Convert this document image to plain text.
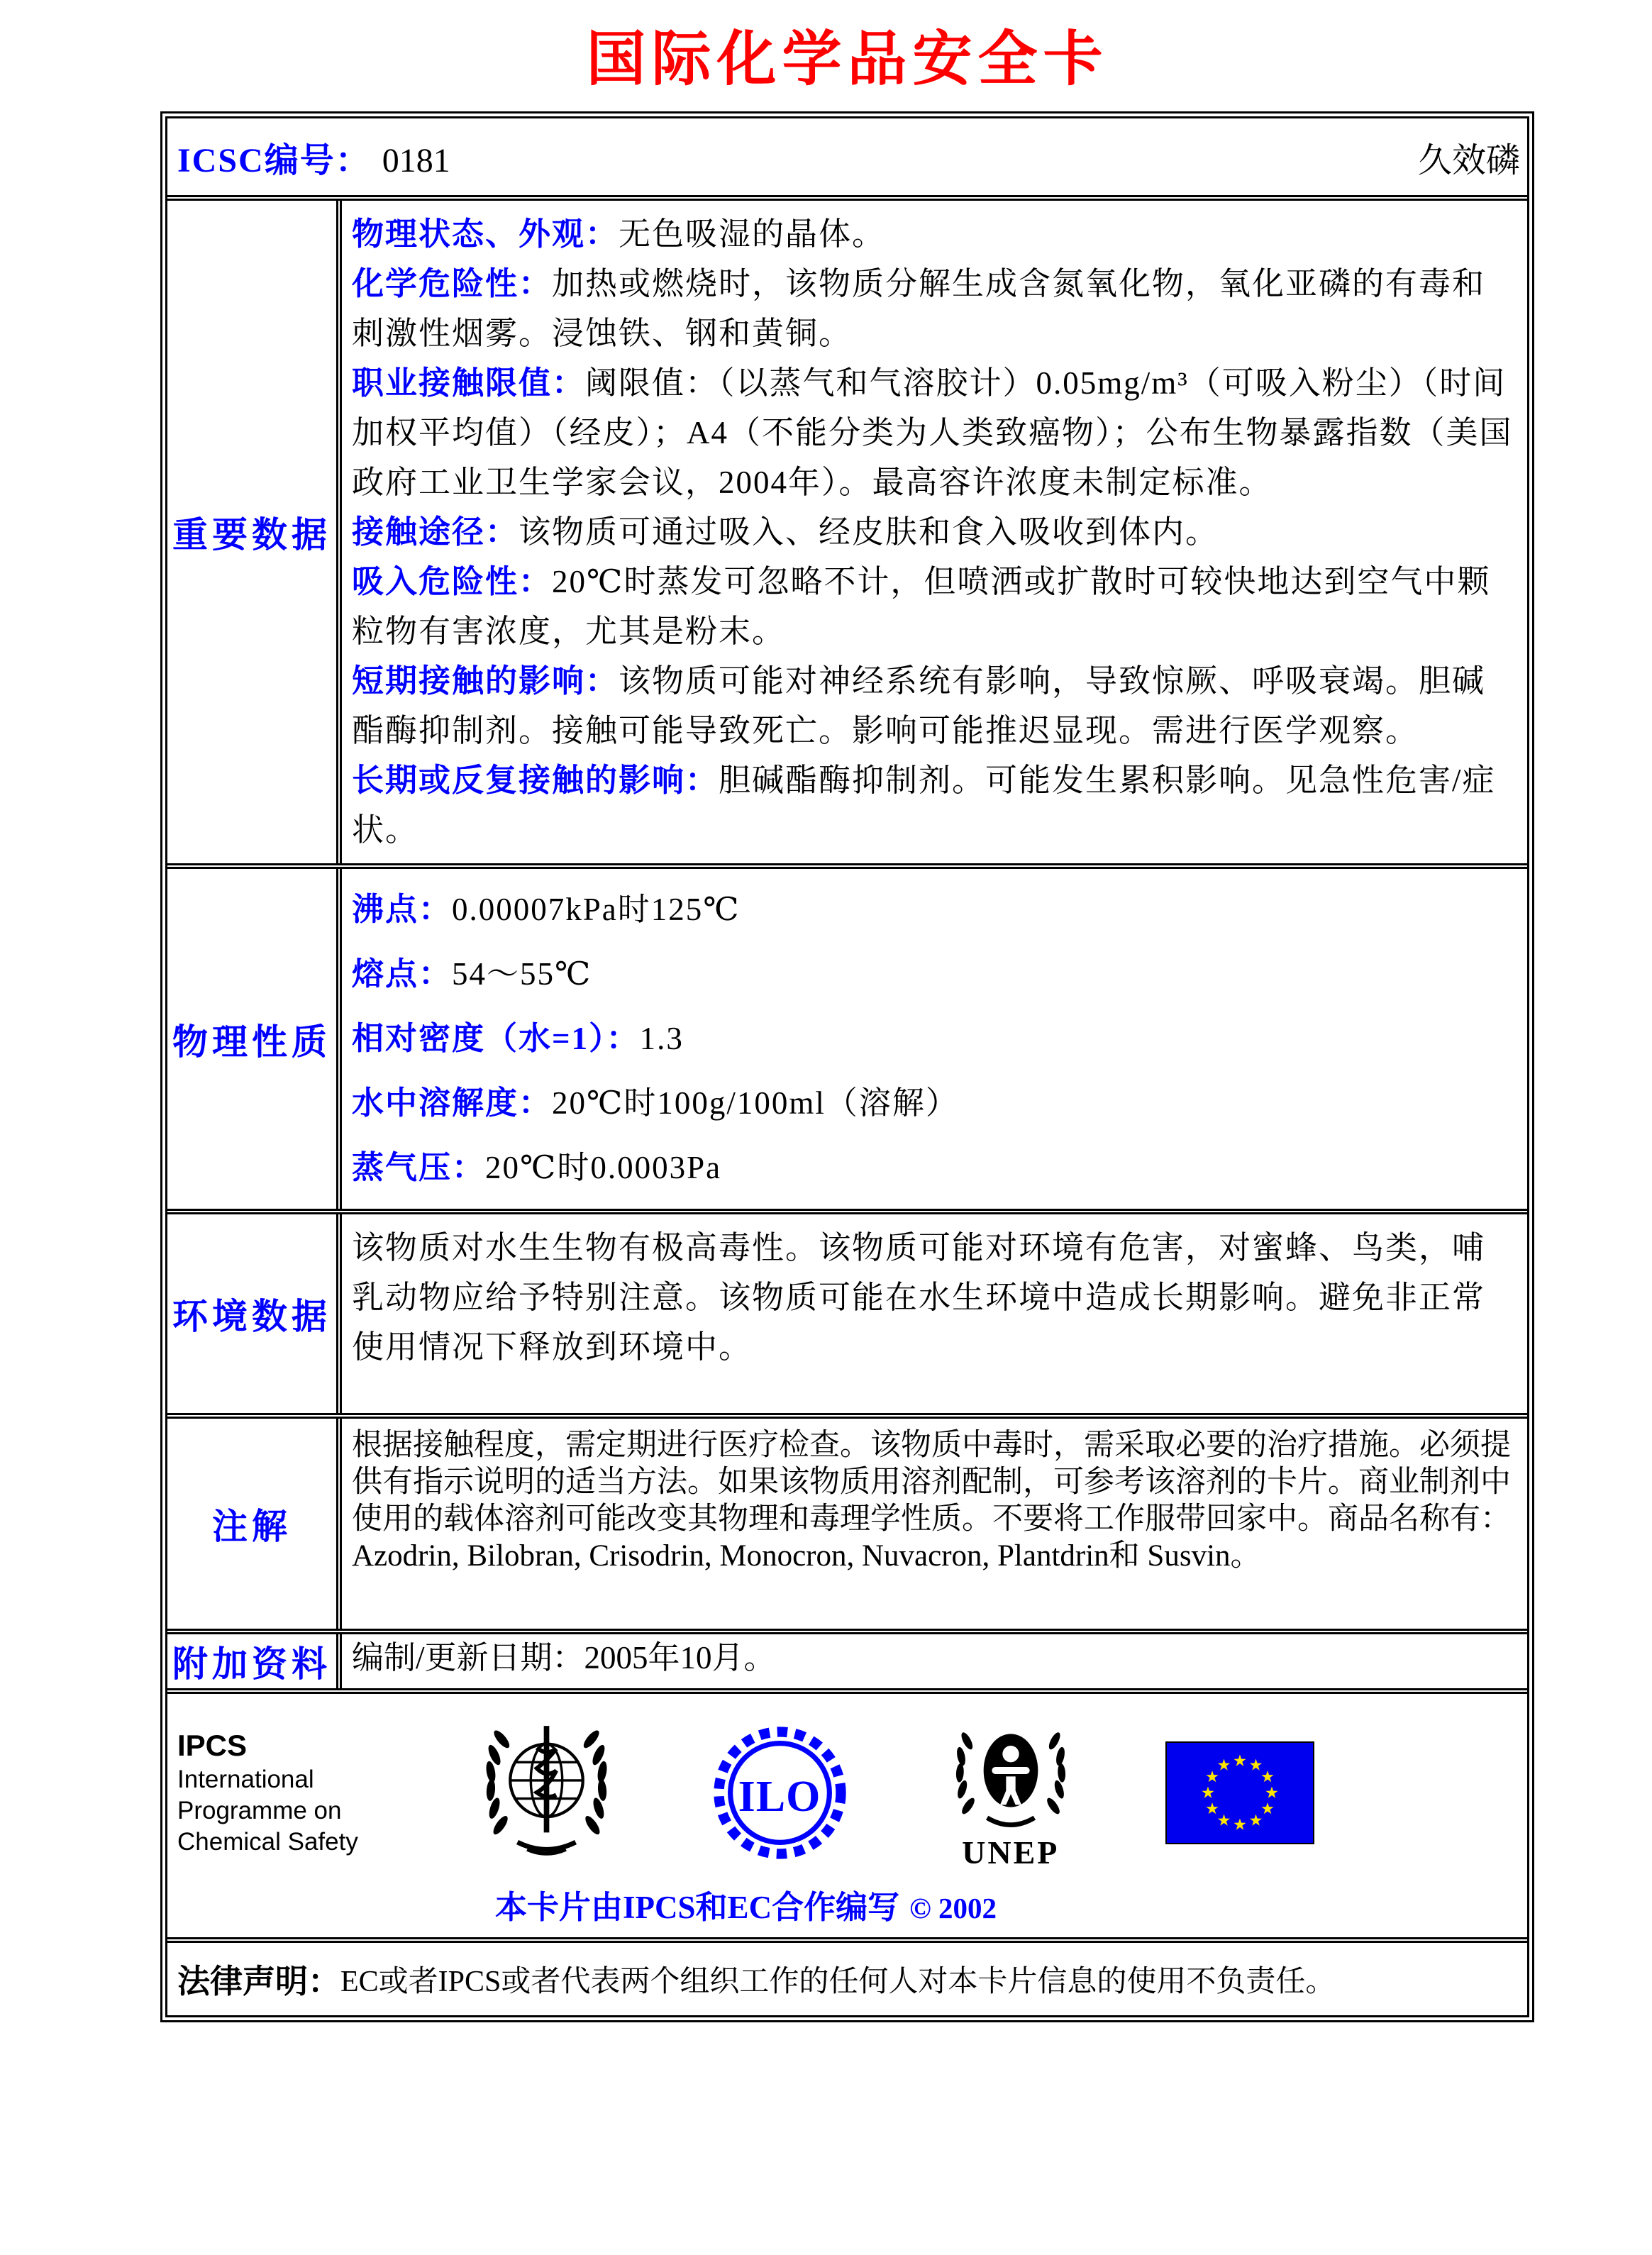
国际化学品安全卡
ICSC编号： 0181	久效磷
重要数据

物理状态、外观：无色吸湿的晶体。

化学危险性：加热或燃烧时，该物质分解生成含氮氧化物，氧化亚磷的有毒和刺激性烟雾。浸蚀铁、钢和黄铜。

职业接触限值：阈限值：（以蒸气和气溶胶计）0.05mg/m³（可吸入粉尘）（时间加权平均值）（经皮）；A4（不能分类为人类致癌物）；公布生物暴露指数（美国政府工业卫生学家会议，2004年）。最高容许浓度未制定标准。

接触途径：该物质可通过吸入、经皮肤和食入吸收到体内。

吸入危险性：20℃时蒸发可忽略不计，但喷洒或扩散时可较快地达到空气中颗粒物有害浓度，尤其是粉末。

短期接触的影响：该物质可能对神经系统有影响，导致惊厥、呼吸衰竭。胆碱酯酶抑制剂。接触可能导致死亡。影响可能推迟显现。需进行医学观察。

长期或反复接触的影响：胆碱酯酶抑制剂。可能发生累积影响。见急性危害/症状。

物理性质

沸点：0.00007kPa时125℃

熔点：54～55℃

相对密度（水=1）：1.3

水中溶解度：20℃时100g/100ml（溶解）

蒸气压：20℃时0.0003Pa

环境数据

该物质对水生生物有极高毒性。该物质可能对环境有危害，对蜜蜂、鸟类，哺乳动物应给予特别注意。该物质可能在水生环境中造成长期影响。避免非正常使用情况下释放到环境中。

注解

根据接触程度，需定期进行医疗检查。该物质中毒时，需采取必要的治疗措施。必须提供有指示说明的适当方法。如果该物质用溶剂配制，可参考该溶剂的卡片。商业制剂中使用的载体溶剂可能改变其物理和毒理学性质。不要将工作服带回家中。商品名称有：Azodrin, Bilobran, Crisodrin, Monocron, Nuvacron, Plantdrin和 Susvin。

附加资料 编制/更新日期：2005年10月。

IPCS
International
Programme on
Chemical Safety
ILO
UNEP
本卡片由IPCS和EC合作编写 © 2002
法律声明： EC或者IPCS或者代表两个组织工作的任何人对本卡片信息的使用不负责任。
